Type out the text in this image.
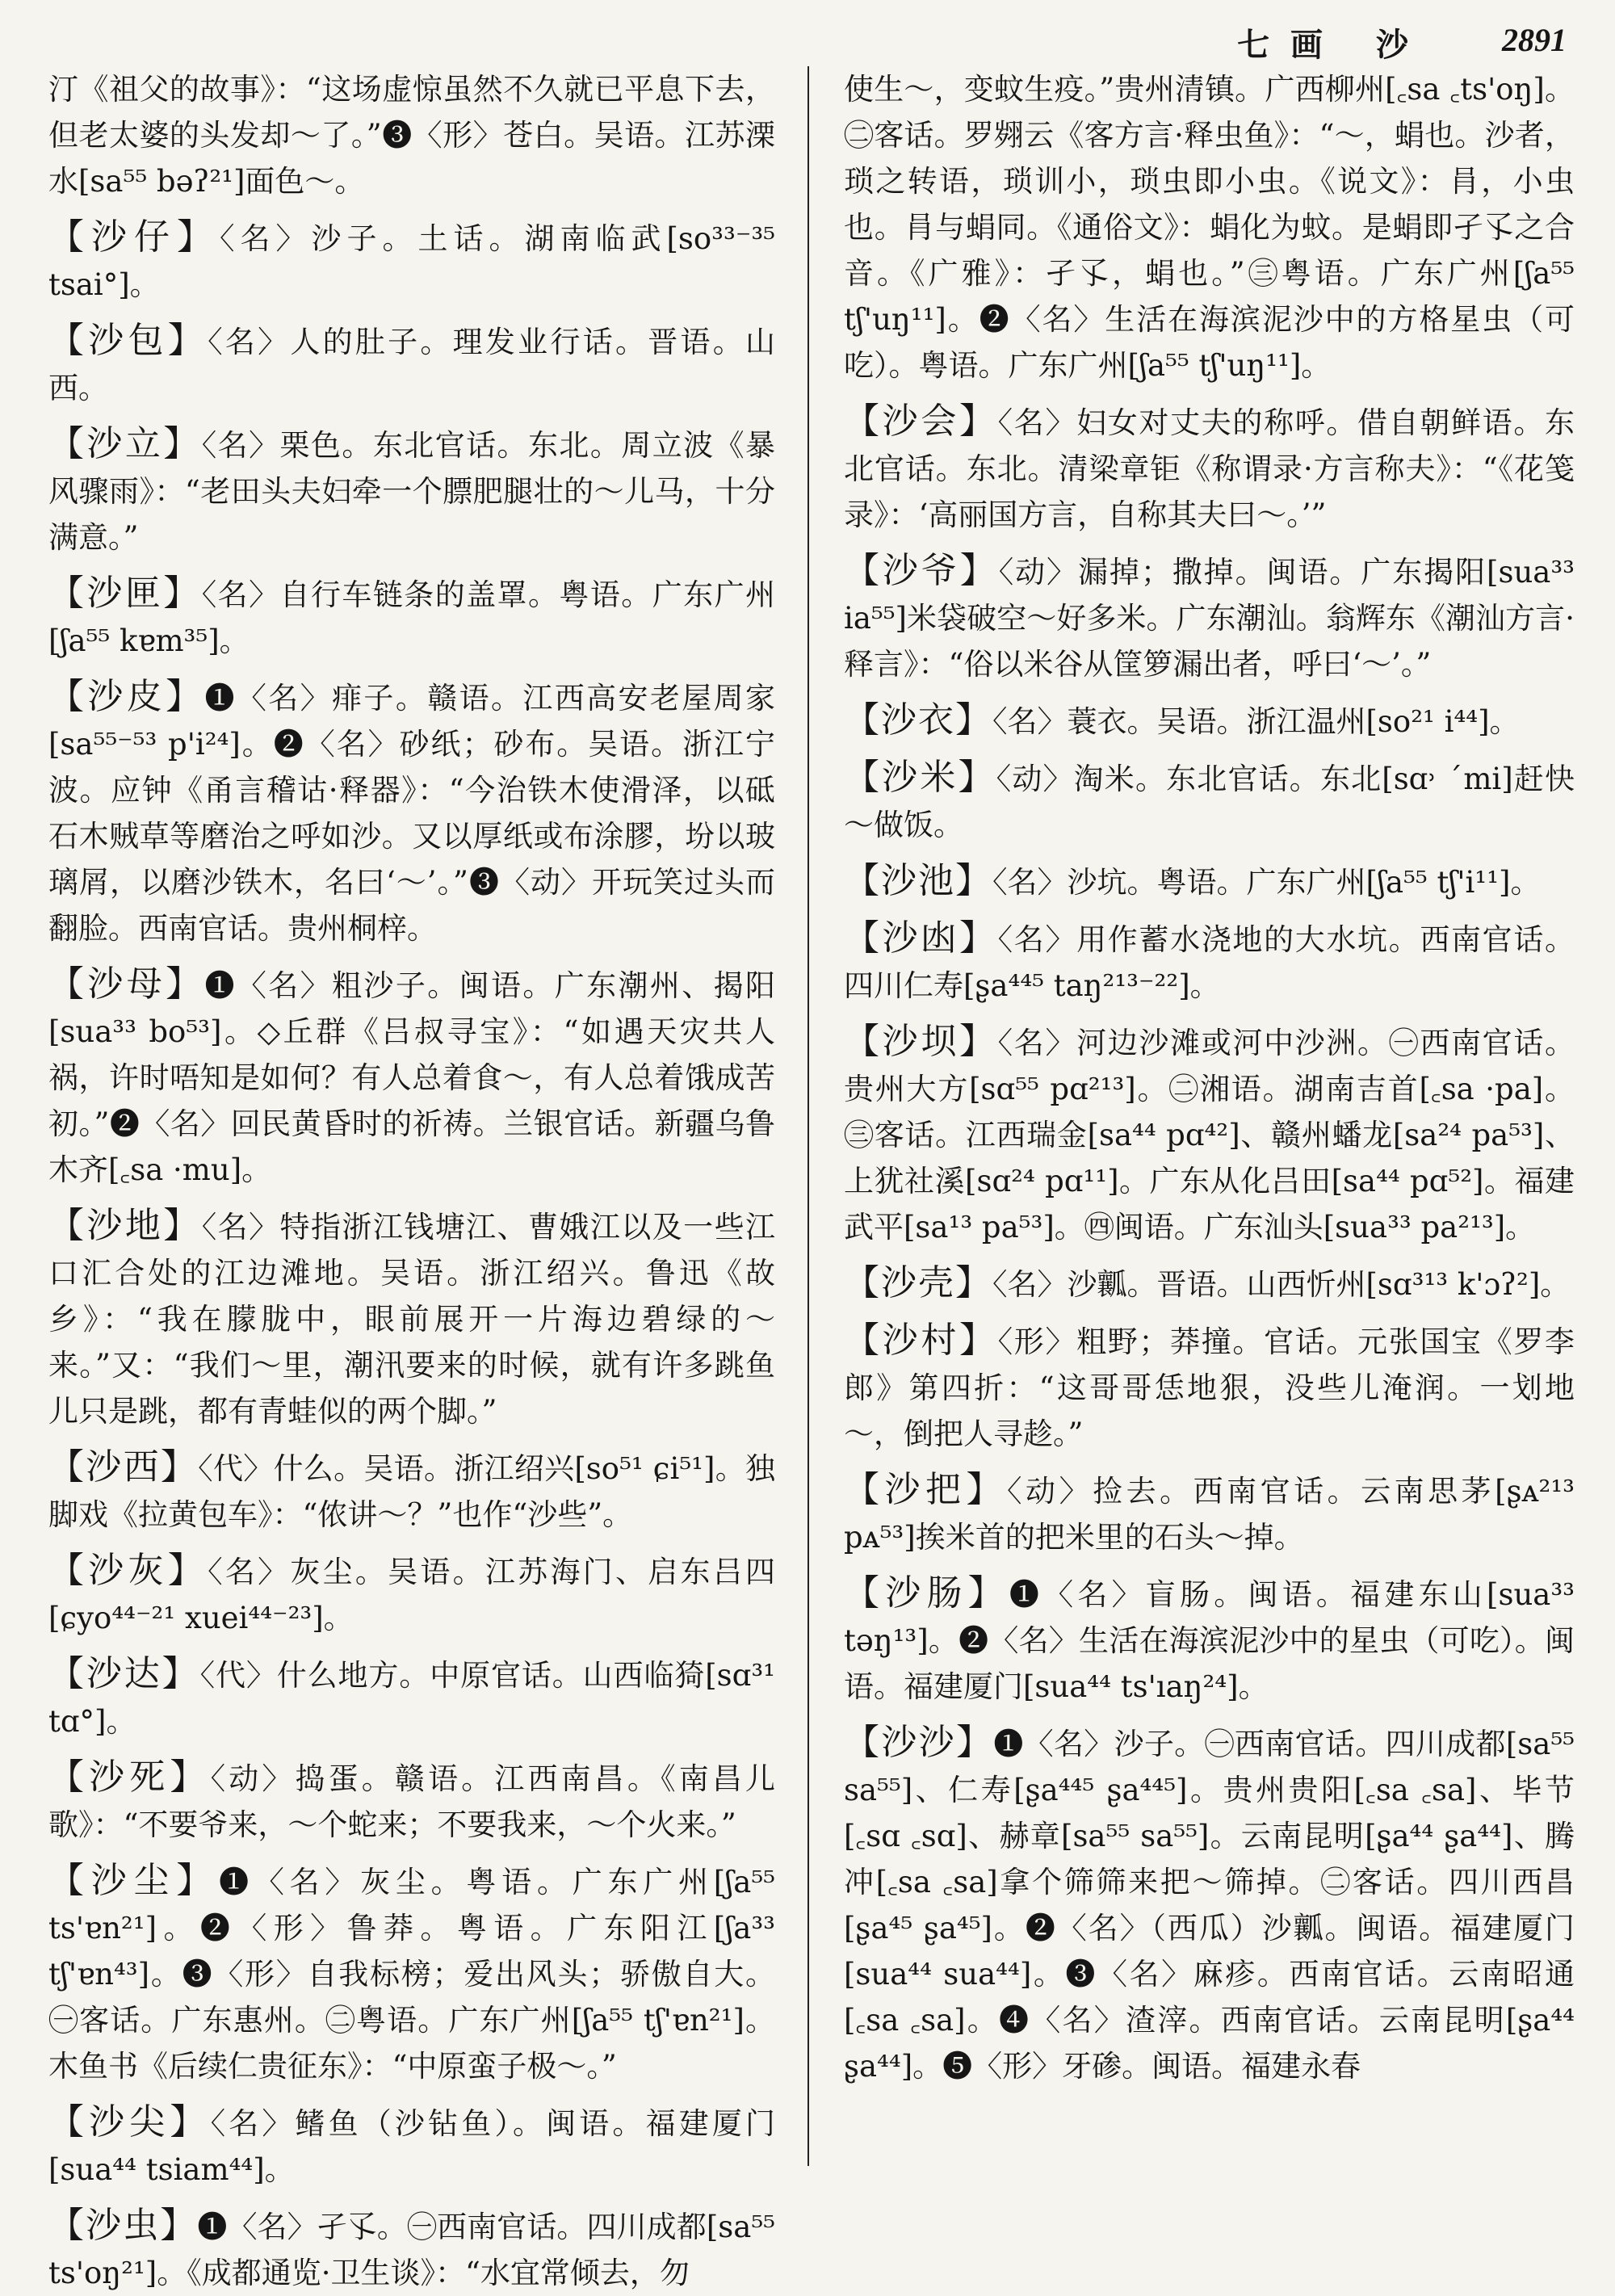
七画 沙 2891
汀《祖父的故事》：“这场虚惊虽然不久就已平息下去，但老太婆的头发却～了。”❸〈形〉苍白。吴语。江苏溧水[sa⁵⁵ bəʔ²¹]面色～。
【沙仔】〈名〉沙子。土话。湖南临武[so³³⁻³⁵ tsai°]。
【沙包】〈名〉人的肚子。理发业行话。晋语。山西。
【沙立】〈名〉栗色。东北官话。东北。周立波《暴风骤雨》：“老田头夫妇牵一个膘肥腿壮的～儿马，十分满意。”
【沙匣】〈名〉自行车链条的盖罩。粤语。广东广州[ʃa⁵⁵ kɐm³⁵]。
【沙皮】❶〈名〉痱子。赣语。江西高安老屋周家[sa⁵⁵⁻⁵³ p'i²⁴]。❷〈名〉砂纸；砂布。吴语。浙江宁波。应钟《甬言稽诂·释器》：“今治铁木使滑泽，以砥石木贼草等磨治之呼如沙。又以厚纸或布涂膠，坋以玻璃屑，以磨沙铁木，名曰‘～’。”❸〈动〉开玩笑过头而翻脸。西南官话。贵州桐梓。
【沙母】❶〈名〉粗沙子。闽语。广东潮州、揭阳[sua³³ bo⁵³]。◇丘群《吕叔寻宝》：“如遇天灾共人祸，许时唔知是如何？有人总着食～，有人总着饿成苦初。”❷〈名〉回民黄昏时的祈祷。兰银官话。新疆乌鲁木齐[꜀sa ·mu]。
【沙地】〈名〉特指浙江钱塘江、曹娥江以及一些江口汇合处的江边滩地。吴语。浙江绍兴。鲁迅《故乡》：“我在朦胧中，眼前展开一片海边碧绿的～来。”又：“我们～里，潮汛要来的时候，就有许多跳鱼儿只是跳，都有青蛙似的两个脚。”
【沙西】〈代〉什么。吴语。浙江绍兴[so⁵¹ ɕi⁵¹]。独脚戏《拉黄包车》：“侬讲～？”也作“沙些”。
【沙灰】〈名〉灰尘。吴语。江苏海门、启东吕四[ɕyo⁴⁴⁻²¹ xuei⁴⁴⁻²³]。
【沙达】〈代〉什么地方。中原官话。山西临猗[sɑ³¹ tɑ°]。
【沙死】〈动〉捣蛋。赣语。江西南昌。《南昌儿歌》：“不要爷来，～个蛇来；不要我来，～个火来。”
【沙尘】❶〈名〉灰尘。粤语。广东广州[ʃa⁵⁵ ts'ɐn²¹]。❷〈形〉鲁莽。粤语。广东阳江[ʃa³³ tʃ'ɐn⁴³]。❸〈形〉自我标榜；爱出风头；骄傲自大。㊀客话。广东惠州。㊁粤语。广东广州[ʃa⁵⁵ tʃ'ɐn²¹]。木鱼书《后续仁贵征东》：“中原蛮子极～。”
【沙尖】〈名〉鳍鱼（沙钻鱼）。闽语。福建厦门[sua⁴⁴ tsiam⁴⁴]。
【沙虫】❶〈名〉孑孓。㊀西南官话。四川成都[sa⁵⁵ ts'oŋ²¹]。《成都通览·卫生谈》：“水宜常倾去，勿
使生～，变蚊生疫。”贵州清镇。广西柳州[꜀sa ꜀ts'oŋ]。㊁客话。罗翙云《客方言·释虫鱼》：“～，蜎也。沙者，琐之转语，琐训小，琐虫即小虫。《说文》：肙，小虫也。肙与蜎同。《通俗文》：蜎化为蚊。是蜎即孑孓之合音。《广雅》：孑孓，蜎也。”㊂粤语。广东广州[ʃa⁵⁵ tʃ'uŋ¹¹]。❷〈名〉生活在海滨泥沙中的方格星虫（可吃）。粤语。广东广州[ʃa⁵⁵ tʃ'uŋ¹¹]。
【沙会】〈名〉妇女对丈夫的称呼。借自朝鲜语。东北官话。东北。清梁章钜《称谓录·方言称夫》：“《花笺录》：‘高丽国方言，自称其夫曰～。’”
【沙爷】〈动〉漏掉；撒掉。闽语。广东揭阳[sua³³ ia⁵⁵]米袋破空～好多米。广东潮汕。翁辉东《潮汕方言·释言》：“俗以米谷从筐箩漏出者，呼曰‘～’。”
【沙衣】〈名〉蓑衣。吴语。浙江温州[so²¹ i⁴⁴]。
【沙米】〈动〉淘米。东北官话。东北[sɑ˒ ˊmi]赶快～做饭。
【沙池】〈名〉沙坑。粤语。广东广州[ʃa⁵⁵ tʃ'i¹¹]。
【沙凼】〈名〉用作蓄水浇地的大水坑。西南官话。四川仁寿[ʂa⁴⁴⁵ taŋ²¹³⁻²²]。
【沙坝】〈名〉河边沙滩或河中沙洲。㊀西南官话。贵州大方[sɑ⁵⁵ pɑ²¹³]。㊁湘语。湖南吉首[꜀sa ·pa]。㊂客话。江西瑞金[sa⁴⁴ pɑ⁴²]、赣州蟠龙[sa²⁴ pa⁵³]、上犹社溪[sɑ²⁴ pɑ¹¹]。广东从化吕田[sa⁴⁴ pɑ⁵²]。福建武平[sa¹³ pa⁵³]。㊃闽语。广东汕头[sua³³ pa²¹³]。
【沙壳】〈名〉沙瓤。晋语。山西忻州[sɑ³¹³ k'ɔʔ²]。
【沙村】〈形〉粗野；莽撞。官话。元张国宝《罗李郎》第四折：“这哥哥恁地狠，没些儿淹润。一划地～，倒把人寻趁。”
【沙把】〈动〉捡去。西南官话。云南思茅[ʂᴀ²¹³ pᴀ⁵³]挨米首的把米里的石头～掉。
【沙肠】❶〈名〉盲肠。闽语。福建东山[sua³³ təŋ¹³]。❷〈名〉生活在海滨泥沙中的星虫（可吃）。闽语。福建厦门[sua⁴⁴ ts'ıaŋ²⁴]。
【沙沙】❶〈名〉沙子。㊀西南官话。四川成都[sa⁵⁵ sa⁵⁵]、仁寿[ʂa⁴⁴⁵ ʂa⁴⁴⁵]。贵州贵阳[꜀sa ꜀sa]、毕节[꜀sɑ ꜀sɑ]、赫章[sa⁵⁵ sa⁵⁵]。云南昆明[ʂa⁴⁴ ʂa⁴⁴]、腾冲[꜀sa ꜀sa]拿个筛筛来把～筛掉。㊁客话。四川西昌[ʂa⁴⁵ ʂa⁴⁵]。❷〈名〉（西瓜）沙瓤。闽语。福建厦门[sua⁴⁴ sua⁴⁴]。❸〈名〉麻疹。西南官话。云南昭通[꜀sa ꜀sa]。❹〈名〉渣滓。西南官话。云南昆明[ʂa⁴⁴ ʂa⁴⁴]。❺〈形〉牙碜。闽语。福建永春
